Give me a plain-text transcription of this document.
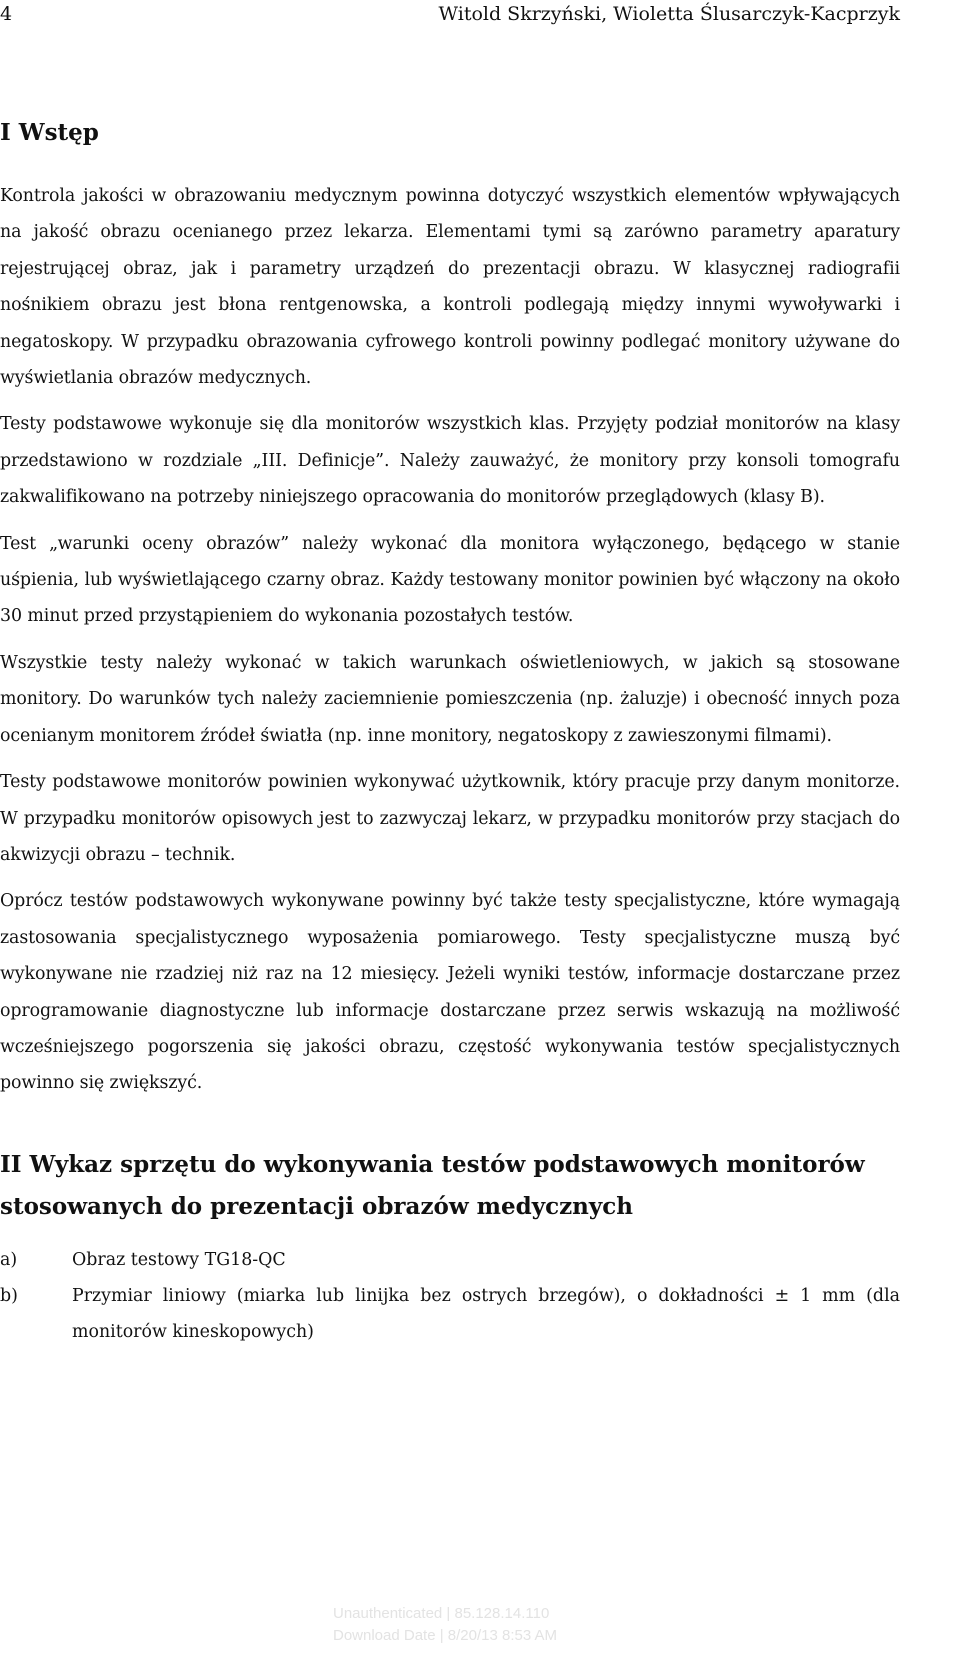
4	Witold Skrzyński, Wioletta Ślusarczyk-Kacprzyk
I Wstęp

Kontrola jakości w obrazowaniu medycznym powinna dotyczyć wszystkich elementów wpływających na jakość obrazu ocenianego przez lekarza. Elementami tymi są zarówno parametry aparatury rejestrującej obraz, jak i parametry urządzeń do prezentacji obrazu. W klasycznej radiografii nośnikiem obrazu jest błona rentgenowska, a kontroli podlegają między innymi wywoływarki i negatoskopy. W przypadku obrazowania cyfrowego kontroli powinny podlegać monitory używane do wyświetlania obrazów medycznych.

Testy podstawowe wykonuje się dla monitorów wszystkich klas. Przyjęty podział monitorów na klasy przedstawiono w rozdziale „III. Definicje”. Należy zauważyć, że monitory przy konsoli tomografu zakwalifikowano na potrzeby niniejszego opracowania do monitorów przeglądowych (klasy B).

Test „warunki oceny obrazów” należy wykonać dla monitora wyłączonego, będącego w stanie uśpienia, lub wyświetlającego czarny obraz. Każdy testowany monitor powinien być włączony na około 30 minut przed przystąpieniem do wykonania pozostałych testów.

Wszystkie testy należy wykonać w takich warunkach oświetleniowych, w jakich są stosowane monitory. Do warunków tych należy zaciemnienie pomieszczenia (np. żaluzje) i obecność innych poza ocenianym monitorem źródeł światła (np. inne monitory, negatoskopy z zawieszonymi filmami).

Testy podstawowe monitorów powinien wykonywać użytkownik, który pracuje przy danym monitorze. W przypadku monitorów opisowych jest to zazwyczaj lekarz, w przypadku monitorów przy stacjach do akwizycji obrazu – technik.

Oprócz testów podstawowych wykonywane powinny być także testy specjalistyczne, które wymagają zastosowania specjalistycznego wyposażenia pomiarowego. Testy specjalistyczne muszą być wykonywane nie rzadziej niż raz na 12 miesięcy. Jeżeli wyniki testów, informacje dostarczane przez oprogramowanie diagnostyczne lub informacje dostarczane przez serwis wskazują na możliwość wcześniejszego pogorszenia się jakości obrazu, częstość wykonywania testów specjalistycznych powinno się zwiększyć.

II Wykaz sprzętu do wykonywania testów podstawowych monitorów stosowanych do prezentacji obrazów medycznych
a)	Obraz testowy TG18-QC
b)	Przymiar liniowy (miarka lub linijka bez ostrych brzegów), o dokładności ± 1 mm (dla monitorów kineskopowych)
Unauthenticated | 85.128.14.110
Download Date | 8/20/13 8:53 AM
